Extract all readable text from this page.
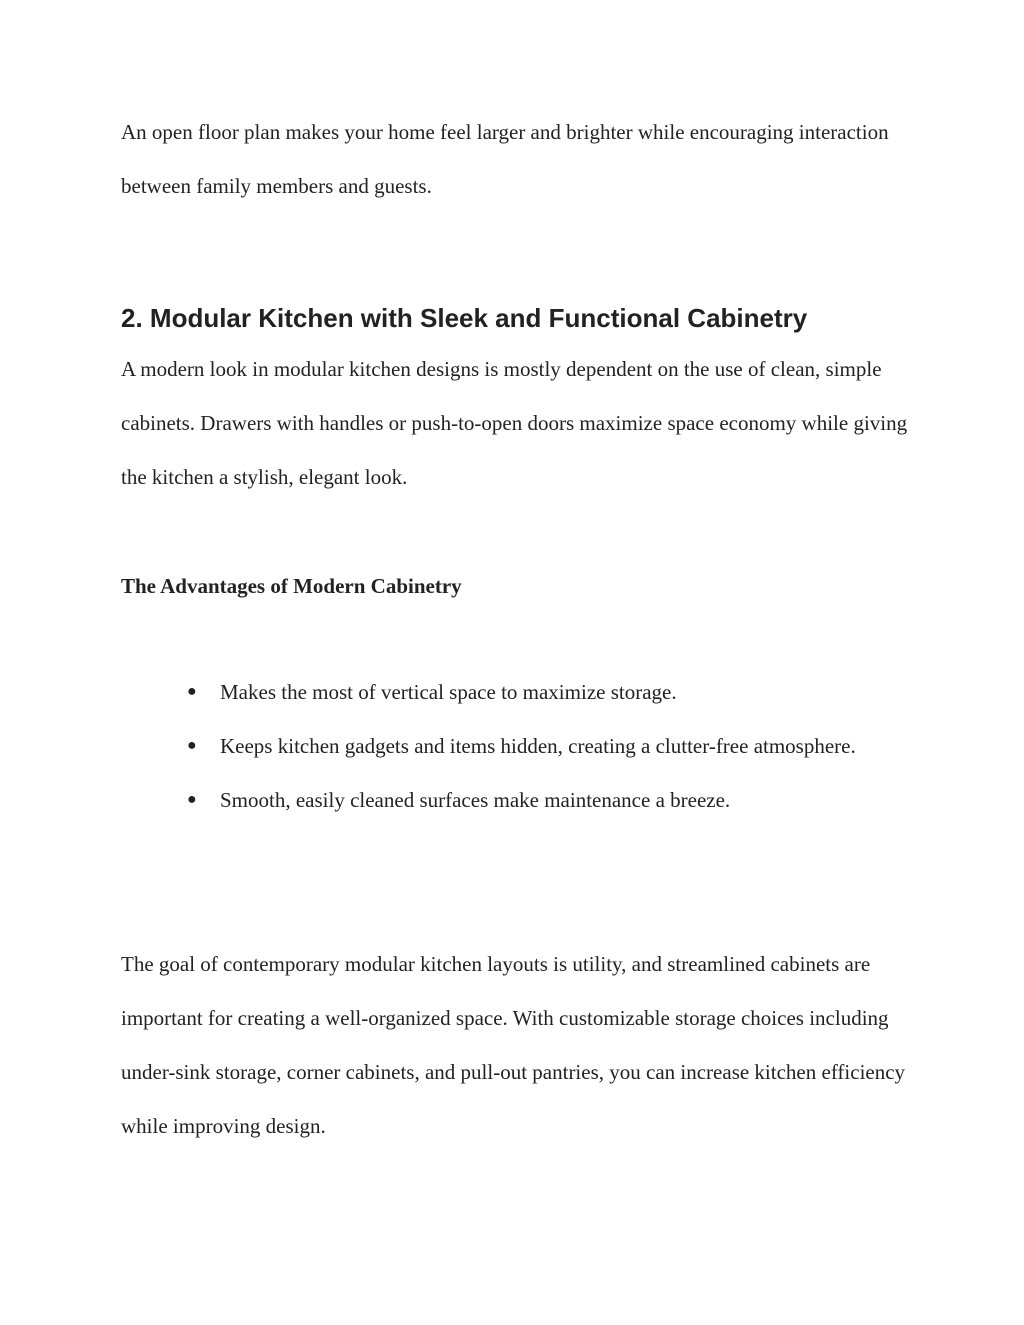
An open floor plan makes your home feel larger and brighter while encouraging interaction between family members and guests.

2. Modular Kitchen with Sleek and Functional Cabinetry

A modern look in modular kitchen designs is mostly dependent on the use of clean, simple cabinets. Drawers with handles or push-to-open doors maximize space economy while giving the kitchen a stylish, elegant look.

The Advantages of Modern Cabinetry
●	Makes the most of vertical space to maximize storage.
●	Keeps kitchen gadgets and items hidden, creating a clutter-free atmosphere.
●	Smooth, easily cleaned surfaces make maintenance a breeze.

The goal of contemporary modular kitchen layouts is utility, and streamlined cabinets are important for creating a well-organized space. With customizable storage choices including under-sink storage, corner cabinets, and pull-out pantries, you can increase kitchen efficiency while improving design.
